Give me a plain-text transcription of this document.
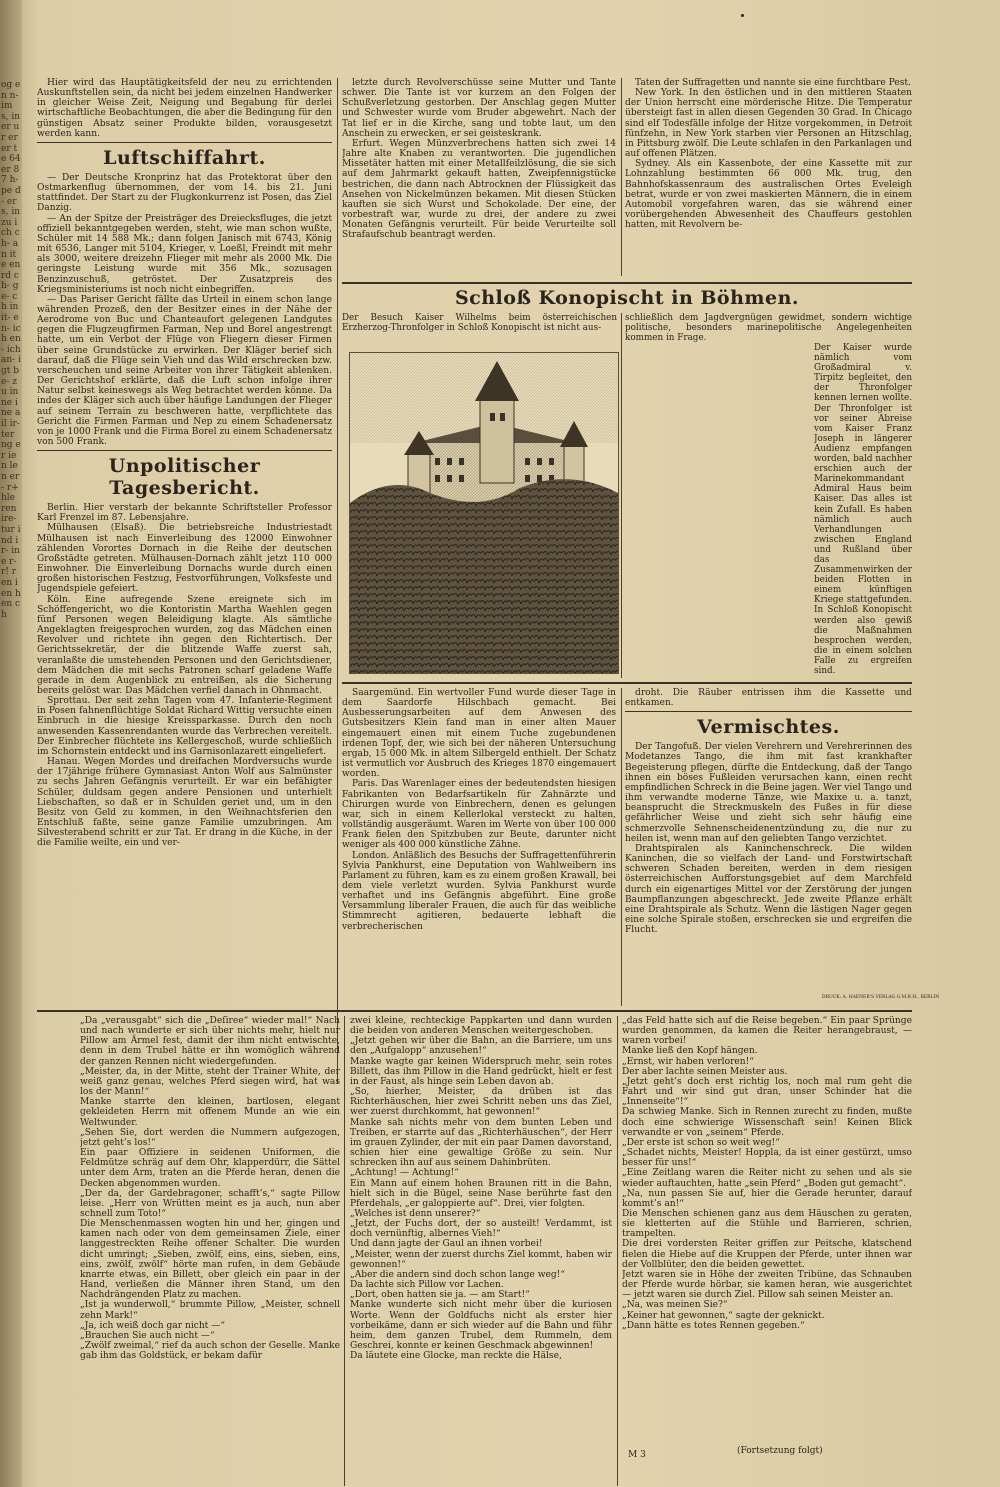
og en n- im s, in er ur er er te 64 er 87 h- pe d- er s, in zu ich ch- an ite en rd ch- ge- ch in it- en- ich en- ich an- igt be- zu in ne ine ail ir- ter ng er ien len er- r+ hle ren ire- tur ind ir- ine r- r! ren ien hen ch

Hier wird das Hauptätigkeitsfeld der neu zu errichtenden Auskunftstellen sein, da nicht bei jedem einzelnen Handwerker in gleicher Weise Zeit, Neigung und Begabung für derlei wirtschaftliche Beobachtungen, die aber die Bedingung für den günstigen Absatz seiner Produkte bilden, vorausgesetzt werden kann.

Luftschiffahrt.

— Der Deutsche Kronprinz hat das Protektorat über den Ostmarkenflug übernommen, der vom 14. bis 21. Juni stattfindet. Der Start zu der Flugkonkurrenz ist Posen, das Ziel Danzig.

— An der Spitze der Preisträger des Dreiecksfluges, die jetzt offiziell bekanntgegeben werden, steht, wie man schon wußte, Schüler mit 14 588 Mk.; dann folgen Janisch mit 6743, König mit 6536, Langer mit 5104, Krieger, v. Loeßl, Freindt mit mehr als 3000, weitere dreizehn Flieger mit mehr als 2000 Mk. Die geringste Leistung wurde mit 356 Mk., sozusagen Benzinzuschuß, getröstet. Der Zusatzpreis des Kriegsministeriums ist noch nicht einbegriffen.

— Das Pariser Gericht fällte das Urteil in einem schon lange währenden Prozeß, den der Besitzer eines in der Nähe der Aerodrome von Buc und Chanteaufort gelegenen Landgutes gegen die Flugzeugfirmen Farman, Nep und Borel angestrengt hatte, um ein Verbot der Flüge von Fliegern dieser Firmen über seine Grundstücke zu erwirken. Der Kläger berief sich darauf, daß die Flüge sein Vieh und das Wild erschrecken bzw. verscheuchen und seine Arbeiter von ihrer Tätigkeit ablenken. Der Gerichtshof erklärte, daß die Luft schon infolge ihrer Natur selbst keineswegs als Weg betrachtet werden könne. Da indes der Kläger sich auch über häufige Landungen der Flieger auf seinem Terrain zu beschweren hatte, verpflichtete das Gericht die Firmen Farman und Nep zu einem Schadenersatz von je 1000 Frank und die Firma Borel zu einem Schadenersatz von 500 Frank.

Unpolitischer Tagesbericht.

Berlin. Hier verstarb der bekannte Schriftsteller Professor Karl Frenzel im 87. Lebensjahre.

Mülhausen (Elsaß). Die betriebsreiche Industriestadt Mülhausen ist nach Einverleibung des 12000 Einwohner zählenden Vorortes Dornach in die Reihe der deutschen Großstädte getreten. Mülhausen-Dornach zählt jetzt 110 000 Einwohner. Die Einverleibung Dornachs wurde durch einen großen historischen Festzug, Festvorführungen, Volksfeste und Jugendspiele gefeiert.

Köln. Eine aufregende Szene ereignete sich im Schöffengericht, wo die Kontoristin Martha Waehlen gegen fünf Personen wegen Beleidigung klagte. Als sämtliche Angeklagten freigesprochen wurden, zog das Mädchen einen Revolver und richtete ihn gegen den Richtertisch. Der Gerichtssekretär, der die blitzende Waffe zuerst sah, veranlaßte die umstehenden Personen und den Gerichtsdiener, dem Mädchen die mit sechs Patronen scharf geladene Waffe gerade in dem Augenblick zu entreißen, als die Sicherung bereits gelöst war. Das Mädchen verfiel danach in Ohnmacht.

Sprottau. Der seit zehn Tagen vom 47. Infanterie-Regiment in Posen fahnenflüchtige Soldat Richard Wittig versuchte einen Einbruch in die hiesige Kreissparkasse. Durch den noch anwesenden Kassenrendanten wurde das Verbrechen vereitelt. Der Einbrecher flüchtete ins Kellergeschoß, wurde schließlich im Schornstein entdeckt und ins Garnisonlazarett eingeliefert.

Hanau. Wegen Mordes und dreifachen Mordversuchs wurde der 17jährige frühere Gymnasiast Anton Wolf aus Salmünster zu sechs Jahren Gefängnis verurteilt. Er war ein befähigter Schüler, duldsam gegen andere Pensionen und unterhielt Liebschaften, so daß er in Schulden geriet und, um in den Besitz von Geld zu kommen, in den Weihnachtsferien den Entschluß faßte, seine ganze Familie umzubringen. Am Silvesterabend schritt er zur Tat. Er drang in die Küche, in der die Familie weilte, ein und ver-

letzte durch Revolverschüsse seine Mutter und Tante schwer. Die Tante ist vor kurzem an den Folgen der Schußverletzung gestorben. Der Anschlag gegen Mutter und Schwester wurde vom Bruder abgewehrt. Nach der Tat lief er in die Kirche, sang und tobte laut, um den Anschein zu erwecken, er sei geisteskrank.

Erfurt. Wegen Münzverbrechens hatten sich zwei 14 Jahre alte Knaben zu verantworten. Die jugendlichen Missetäter hatten mit einer Metallfeilzlösung, die sie sich auf dem Jahrmarkt gekauft hatten, Zweipfennigstücke bestrichen, die dann nach Abtrocknen der Flüssigkeit das Ansehen von Nickelmünzen bekamen. Mit diesen Stücken kauften sie sich Wurst und Schokolade. Der eine, der vorbestraft war, wurde zu drei, der andere zu zwei Monaten Gefängnis verurteilt. Für beide Verurteilte soll Strafaufschub beantragt werden.

Taten der Suffragetten und nannte sie eine furchtbare Pest.

New York. In den östlichen und in den mittleren Staaten der Union herrscht eine mörderische Hitze. Die Temperatur übersteigt fast in allen diesen Gegenden 30 Grad. In Chicago sind elf Todesfälle infolge der Hitze vorgekommen, in Detroit fünfzehn, in New York starben vier Personen an Hitzschlag, in Pittsburg zwölf. Die Leute schlafen in den Parkanlagen und auf offenen Plätzen.

Sydney. Als ein Kassenbote, der eine Kassette mit zur Lohnzahlung bestimmten 66 000 Mk. trug, den Bahnhofskassenraum des australischen Ortes Eveleigh betrat, wurde er von zwei maskierten Männern, die in einem Automobil vorgefahren waren, das sie während einer vorübergehenden Abwesenheit des Chauffeurs gestohlen hatten, mit Revolvern be-

Schloß Konopischt in Böhmen.
Der Besuch Kaiser Wilhelms beim österreichischen Erzherzog-Thronfolger in Schloß Konopischt ist nicht aus-
schließlich dem Jagdvergnügen gewidmet, sondern wichtige politische, besonders marinepolitische Angelegenheiten kommen in Frage.
Der Kaiser wurde nämlich vom Großadmiral v. Tirpitz begleitet, den der Thronfolger kennen lernen wollte. Der Thronfolger ist vor seiner Abreise vom Kaiser Franz Joseph in längerer Audienz empfangen worden, bald nachher erschien auch der Marinekommandant Admiral Haus beim Kaiser. Das alles ist kein Zufall. Es haben nämlich auch Verhandlungen zwischen England und Rußland über das Zusammenwirken der beiden Flotten in einem künftigen Kriege stattgefunden. In Schloß Konopischt werden also gewiß die Maßnahmen besprochen werden, die in einem solchen Falle zu ergreifen sind.

Saargemünd. Ein wertvoller Fund wurde dieser Tage in dem Saardorfe Hilschbach gemacht. Bei Ausbesserungsarbeiten auf dem Anwesen des Gutsbesitzers Klein fand man in einer alten Mauer eingemauert einen mit einem Tuche zugebundenen irdenen Topf, der, wie sich bei der näheren Untersuchung ergab, 15 000 Mk. in altem Silbergeld enthielt. Der Schatz ist vermutlich vor Ausbruch des Krieges 1870 eingemauert worden.

Paris. Das Warenlager eines der bedeutendsten hiesigen Fabrikanten von Bedarfsartikeln für Zahnärzte und Chirurgen wurde von Einbrechern, denen es gelungen war, sich in einem Kellerlokal versteckt zu halten, vollständig ausgeräumt. Waren im Werte von über 100 000 Frank fielen den Spitzbuben zur Beute, darunter nicht weniger als 400 000 künstliche Zähne.

London. Anläßlich des Besuchs der Suffragettenführerin Sylvia Pankhurst, eine Deputation von Wahlweibern ins Parlament zu führen, kam es zu einem großen Krawall, bei dem viele verletzt wurden. Sylvia Pankhurst wurde verhaftet und ins Gefängnis abgeführt. Eine große Versammlung liberaler Frauen, die auch für das weibliche Stimmrecht agitieren, bedauerte lebhaft die verbrecherischen

droht. Die Räuber entrissen ihm die Kassette und entkamen.

Vermischtes.

Der Tangofuß. Der vielen Verehrern und Verehrerinnen des Modetanzes Tango, die ihm mit fast krankhafter Begeisterung pflegen, dürfte die Entdeckung, daß der Tango ihnen ein böses Fußleiden verursachen kann, einen recht empfindlichen Schreck in die Beine jagen. Wer viel Tango und ihm verwandte moderne Tänze, wie Maxixe u. a. tanzt, beansprucht die Streckmuskeln des Fußes in für diese gefährlicher Weise und zieht sich sehr häufig eine schmerzvolle Sehnenscheidenentzündung zu, die nur zu heilen ist, wenn man auf den geliebten Tango verzichtet.

Drahtspiralen als Kaninchenschreck. Die wilden Kaninchen, die so vielfach der Land- und Forstwirtschaft schweren Schaden bereiten, werden in dem riesigen österreichischen Aufforstungsgebiet auf dem Marchfeld durch ein eigenartiges Mittel vor der Zerstörung der jungen Baumpflanzungen abgeschreckt. Jede zweite Pflanze erhält eine Drahtspirale als Schutz. Wenn die lästigen Nager gegen eine solche Spirale stoßen, erschrecken sie und ergreifen die Flucht.

DRUCK: A. HAENER'S VERLAG G.M.B.H., BERLIN
„Da „verausgabt“ sich die „Deſiree“ wieder mal!“ Nach und nach wunderte er sich über nichts mehr, hielt nur Pillow am Ärmel fest, damit der ihm nicht entwischte, denn in dem Trubel hätte er ihn womöglich während der ganzen Rennen nicht wiedergefunden.
„Meister, da, in der Mitte, steht der Trainer White, der weiß ganz genau, welches Pferd siegen wird, hat was los der Mann!“
Manke starrte den kleinen, bartlosen, elegant gekleideten Herrn mit offenem Munde an wie ein Weltwunder.
„Sehen Sie, dort werden die Nummern aufgezogen, jetzt geht’s los!“
Ein paar Offiziere in seidenen Uniformen, die Feldmütze schräg auf dem Ohr, klapperdürr, die Sättel unter dem Arm, traten an die Pferde heran, denen die Decken abgenommen wurden.
„Der da, der Gardebragoner, schafft’s,“ sagte Pillow leise. „Herr von Wrütten meint es ja auch, nun aber schnell zum Toto!“
Die Menschenmassen wogten hin und her, gingen und kamen nach oder von dem gemeinsamen Ziele, einer langgestreckten Reihe offener Schalter. Die wurden dicht umringt; „Sieben, zwölf, eins, eins, sieben, eins, eins, zwölf, zwölf“ hörte man rufen, in dem Gebäude knarrte etwas, ein Billett, ober gleich ein paar in der Hand, verließen die Männer ihren Stand, um den Nachdrängenden Platz zu machen.
„Ist ja wunderwoll,“ brummte Pillow, „Meister, schnell zehn Mark!“
„Ja, ich weiß doch gar nicht —“
„Brauchen Sie auch nicht —“
„Zwölf zweimal,“ rief da auch schon der Geselle. Manke gab ihm das Goldstück, er bekam dafür
zwei kleine, rechteckige Pappkarten und dann wurden die beiden von anderen Menschen weitergeschoben.
„Jetzt gehen wir über die Bahn, an die Barriere, um uns den „Aufgalopp“ anzusehen!“
Manke wagte gar keinen Widerspruch mehr, sein rotes Billett, das ihm Pillow in die Hand gedrückt, hielt er fest in der Faust, als hinge sein Leben davon ab.
„So, hierher, Meister, da drüben ist das Richterhäuschen, hier zwei Schritt neben uns das Ziel, wer zuerst durchkommt, hat gewonnen!“
Manke sah nichts mehr von dem bunten Leben und Treiben, er starrte auf das „Richterhäuschen“, der Herr im grauen Zylinder, der mit ein paar Damen davorstand, schien hier eine gewaltige Größe zu sein. Nur schrecken ihn auf aus seinem Dahinbrüten.
„Achtung! — Achtung!“
Ein Mann auf einem hohen Braunen ritt in die Bahn, hielt sich in die Bügel, seine Nase berührte fast den Pferdehals, „er galoppierte auf“. Drei, vier folgten.
„Welches ist denn unserer?“
„Jetzt, der Fuchs dort, der so austeilt! Verdammt, ist doch vernünftig, albernes Vieh!“
Und dann jagte der Gaul an ihnen vorbei!
„Meister, wenn der zuerst durchs Ziel kommt, haben wir gewonnen!“
„Aber die andern sind doch schon lange weg!“
Da lachte sich Pillow vor Lachen.
„Dort, oben hatten sie ja. — am Start!“
Manke wunderte sich nicht mehr über die kuriosen Worte. Wenn der Goldfuchs nicht als erster hier vorbeikäme, dann er sich wieder auf die Bahn und führ heim, dem ganzen Trubel, dem Rummeln, dem Geschrei, konnte er keinen Geschmack abgewinnen!
Da läutete eine Glocke, man reckte die Hälse,
„das Feld hatte sich auf die Reise begeben.“ Ein paar Sprünge wurden genommen, da kamen die Reiter herangebraust, — waren vorbei!
Manke ließ den Kopf hängen.
„Ernst, wir haben verloren!“
Der aber lachte seinen Meister aus.
„Jetzt geht’s doch erst richtig los, noch mal rum geht die Fahrt und wir sind gut dran, unser Schinder hat die „Innenseite“!“
Da schwieg Manke. Sich in Rennen zurecht zu finden, mußte doch eine schwierige Wissenschaft sein! Keinen Blick verwandte er von „seinem“ Pferde.
„Der erste ist schon so weit weg!“
„Schadet nichts, Meister! Hoppla, da ist einer gestürzt, umso besser für uns!“
„Eine Zeitlang waren die Reiter nicht zu sehen und als sie wieder auftauchten, hatte „sein Pferd“ „Boden gut gemacht“.
„Na, nun passen Sie auf, hier die Gerade herunter, darauf kommt’s an!“
Die Menschen schienen ganz aus dem Häuschen zu geraten, sie kletterten auf die Stühle und Barrieren, schrien, trampelten.
Die drei vordersten Reiter griffen zur Peitsche, klatschend fielen die Hiebe auf die Kruppen der Pferde, unter ihnen war der Vollblüter, den die beiden gewettet.
Jetzt waren sie in Höhe der zweiten Tribüne, das Schnauben der Pferde wurde hörbar, sie kamen heran, wie ausgerichtet — jetzt waren sie durch Ziel. Pillow sah seinen Meister an.
„Na, was meinen Sie?“
„Keiner hat gewonnen,“ sagte der geknickt.
„Dann hätte es totes Rennen gegeben.“
M 3	(Fortsetzung folgt)
